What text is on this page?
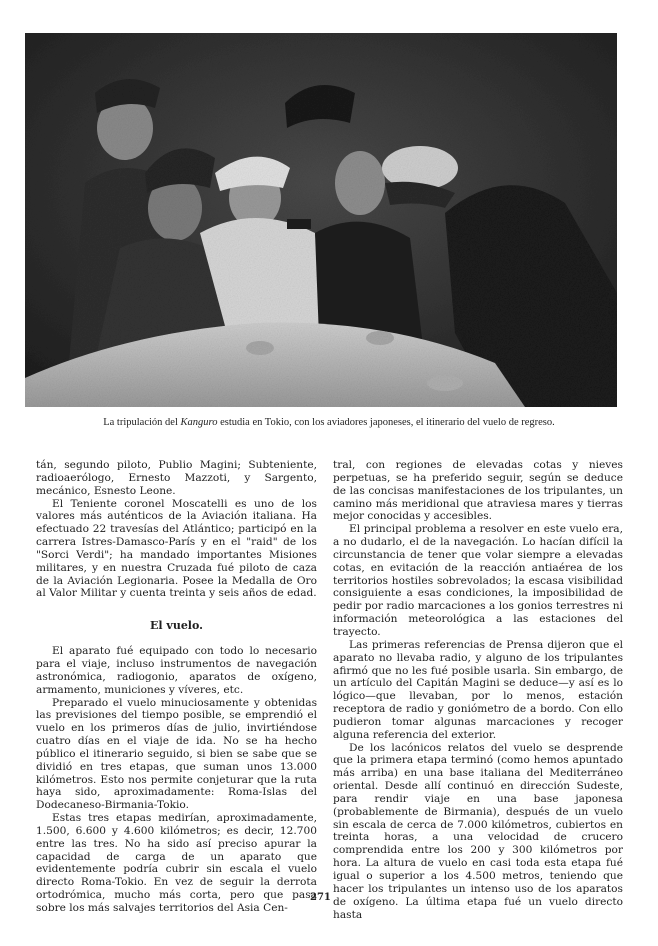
La tripulación del Kanguro estudia en Tokio, con los aviadores japoneses, el itinerario del vuelo de regreso.

tán, segundo piloto, Publio Magini; Subteniente, radioaerólogo, Ernesto Mazzoti, y Sargento, mecánico, Esnesto Leone.

El Teniente coronel Moscatelli es uno de los valores más auténticos de la Aviación italiana. Ha efectuado 22 travesías del Atlántico; participó en la carrera Istres-Damasco-París y en el "raid" de los "Sorci Verdi"; ha mandado importantes Misiones militares, y en nuestra Cruzada fué piloto de caza de la Aviación Legionaria. Posee la Medalla de Oro al Valor Militar y cuenta treinta y seis años de edad.

El vuelo.

El aparato fué equipado con todo lo necesario para el viaje, incluso instrumentos de navegación astronómica, radiogonio, aparatos de oxígeno, armamento, municiones y víveres, etc.

Preparado el vuelo minuciosamente y obtenidas las previsiones del tiempo posible, se emprendió el vuelo en los primeros días de julio, invirtiéndose cuatro días en el viaje de ida. No se ha hecho público el itinerario seguido, si bien se sabe que se dividió en tres etapas, que suman unos 13.000 kilómetros. Esto nos permite conjeturar que la ruta haya sido, aproximadamente: Roma-Islas del Dodecaneso-Birmania-Tokio.

Estas tres etapas medirían, aproximadamente, 1.500, 6.600 y 4.600 kilómetros; es decir, 12.700 entre las tres. No ha sido así preciso apurar la capacidad de carga de un aparato que evidentemente podría cubrir sin escala el vuelo directo Roma-Tokio. En vez de seguir la derrota ortodrómica, mucho más corta, pero que pasa sobre los más salvajes territorios del Asia Cen-

tral, con regiones de elevadas cotas y nieves perpetuas, se ha preferido seguir, según se deduce de las concisas manifestaciones de los tripulantes, un camino más meridional que atraviesa mares y tierras mejor conocidas y accesibles.

El principal problema a resolver en este vuelo era, a no dudarlo, el de la navegación. Lo hacían difícil la circunstancia de tener que volar siempre a elevadas cotas, en evitación de la reacción antiaérea de los territorios hostiles sobrevolados; la escasa visibilidad consiguiente a esas condiciones, la imposibilidad de pedir por radio marcaciones a los gonios terrestres ni información meteorológica a las estaciones del trayecto.

Las primeras referencias de Prensa dijeron que el aparato no llevaba radio, y alguno de los tripulantes afirmó que no les fué posible usarla. Sin embargo, de un artículo del Capitán Magini se deduce—y así es lo lógico—que llevaban, por lo menos, estación receptora de radio y goniómetro de a bordo. Con ello pudieron tomar algunas marcaciones y recoger alguna referencia del exterior.

De los lacónicos relatos del vuelo se desprende que la primera etapa terminó (como hemos apuntado más arriba) en una base italiana del Mediterráneo oriental. Desde allí continuó en dirección Sudeste, para rendir viaje en una base japonesa (probablemente de Birmania), después de un vuelo sin escala de cerca de 7.000 kilómetros, cubiertos en treinta horas, a una velocidad de crucero comprendida entre los 200 y 300 kilómetros por hora. La altura de vuelo en casi toda esta etapa fué igual o superior a los 4.500 metros, teniendo que hacer los tripulantes un intenso uso de los aparatos de oxígeno. La última etapa fué un vuelo directo hasta

271
